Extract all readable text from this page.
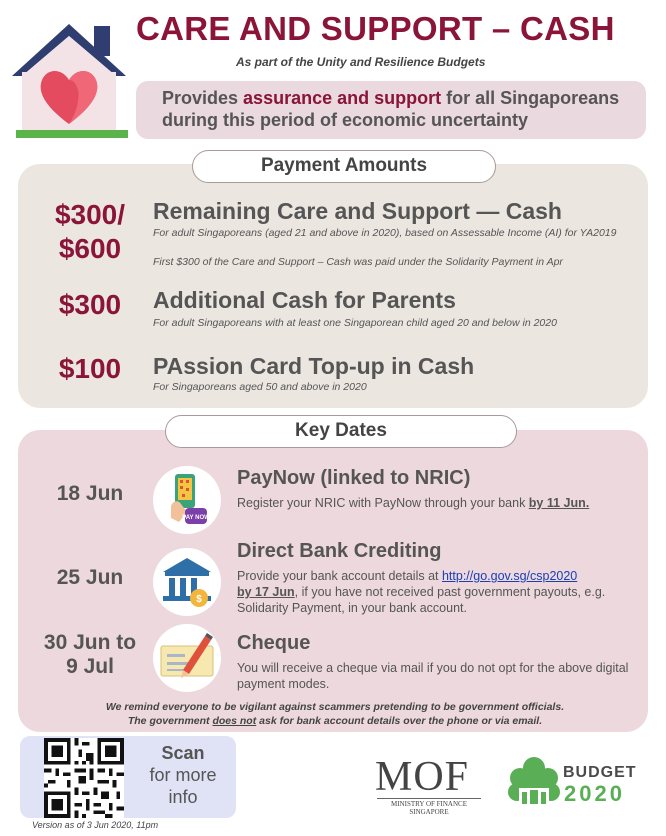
CARE AND SUPPORT – CASH
As part of the Unity and Resilience Budgets
Provides assurance and support for all Singaporeans during this period of economic uncertainty
Payment Amounts
$300/
$600
Remaining Care and Support — Cash
For adult Singaporeans (aged 21 and above in 2020), based on Assessable Income (AI) for YA2019
First $300 of the Care and Support – Cash was paid under the Solidarity Payment in Apr
$300	Additional Cash for Parents
For adult Singaporeans with at least one Singaporean child aged 20 and below in 2020
$100	PAssion Card Top-up in Cash
For Singaporeans aged 50 and above in 2020
Key Dates
18 Jun
PAY NOW
PayNow (linked to NRIC)
Register your NRIC with PayNow through your bank by 11 Jun.
25 Jun
$
Direct Bank Crediting
Provide your bank account details at http://go.gov.sg/csp2020
by 17 Jun, if you have not received past government payouts, e.g. Solidarity Payment, in your bank account.
30 Jun to
9 Jul
Cheque
You will receive a cheque via mail if you do not opt for the above digital payment modes.
We remind everyone to be vigilant against scammers pretending to be government officials.
The government does not ask for bank account details over the phone or via email.
Scan
for more
info
Version as of 3 Jun 2020, 11pm
MOF
MINISTRY OF FINANCE
SINGAPORE
BUDGET
2020
